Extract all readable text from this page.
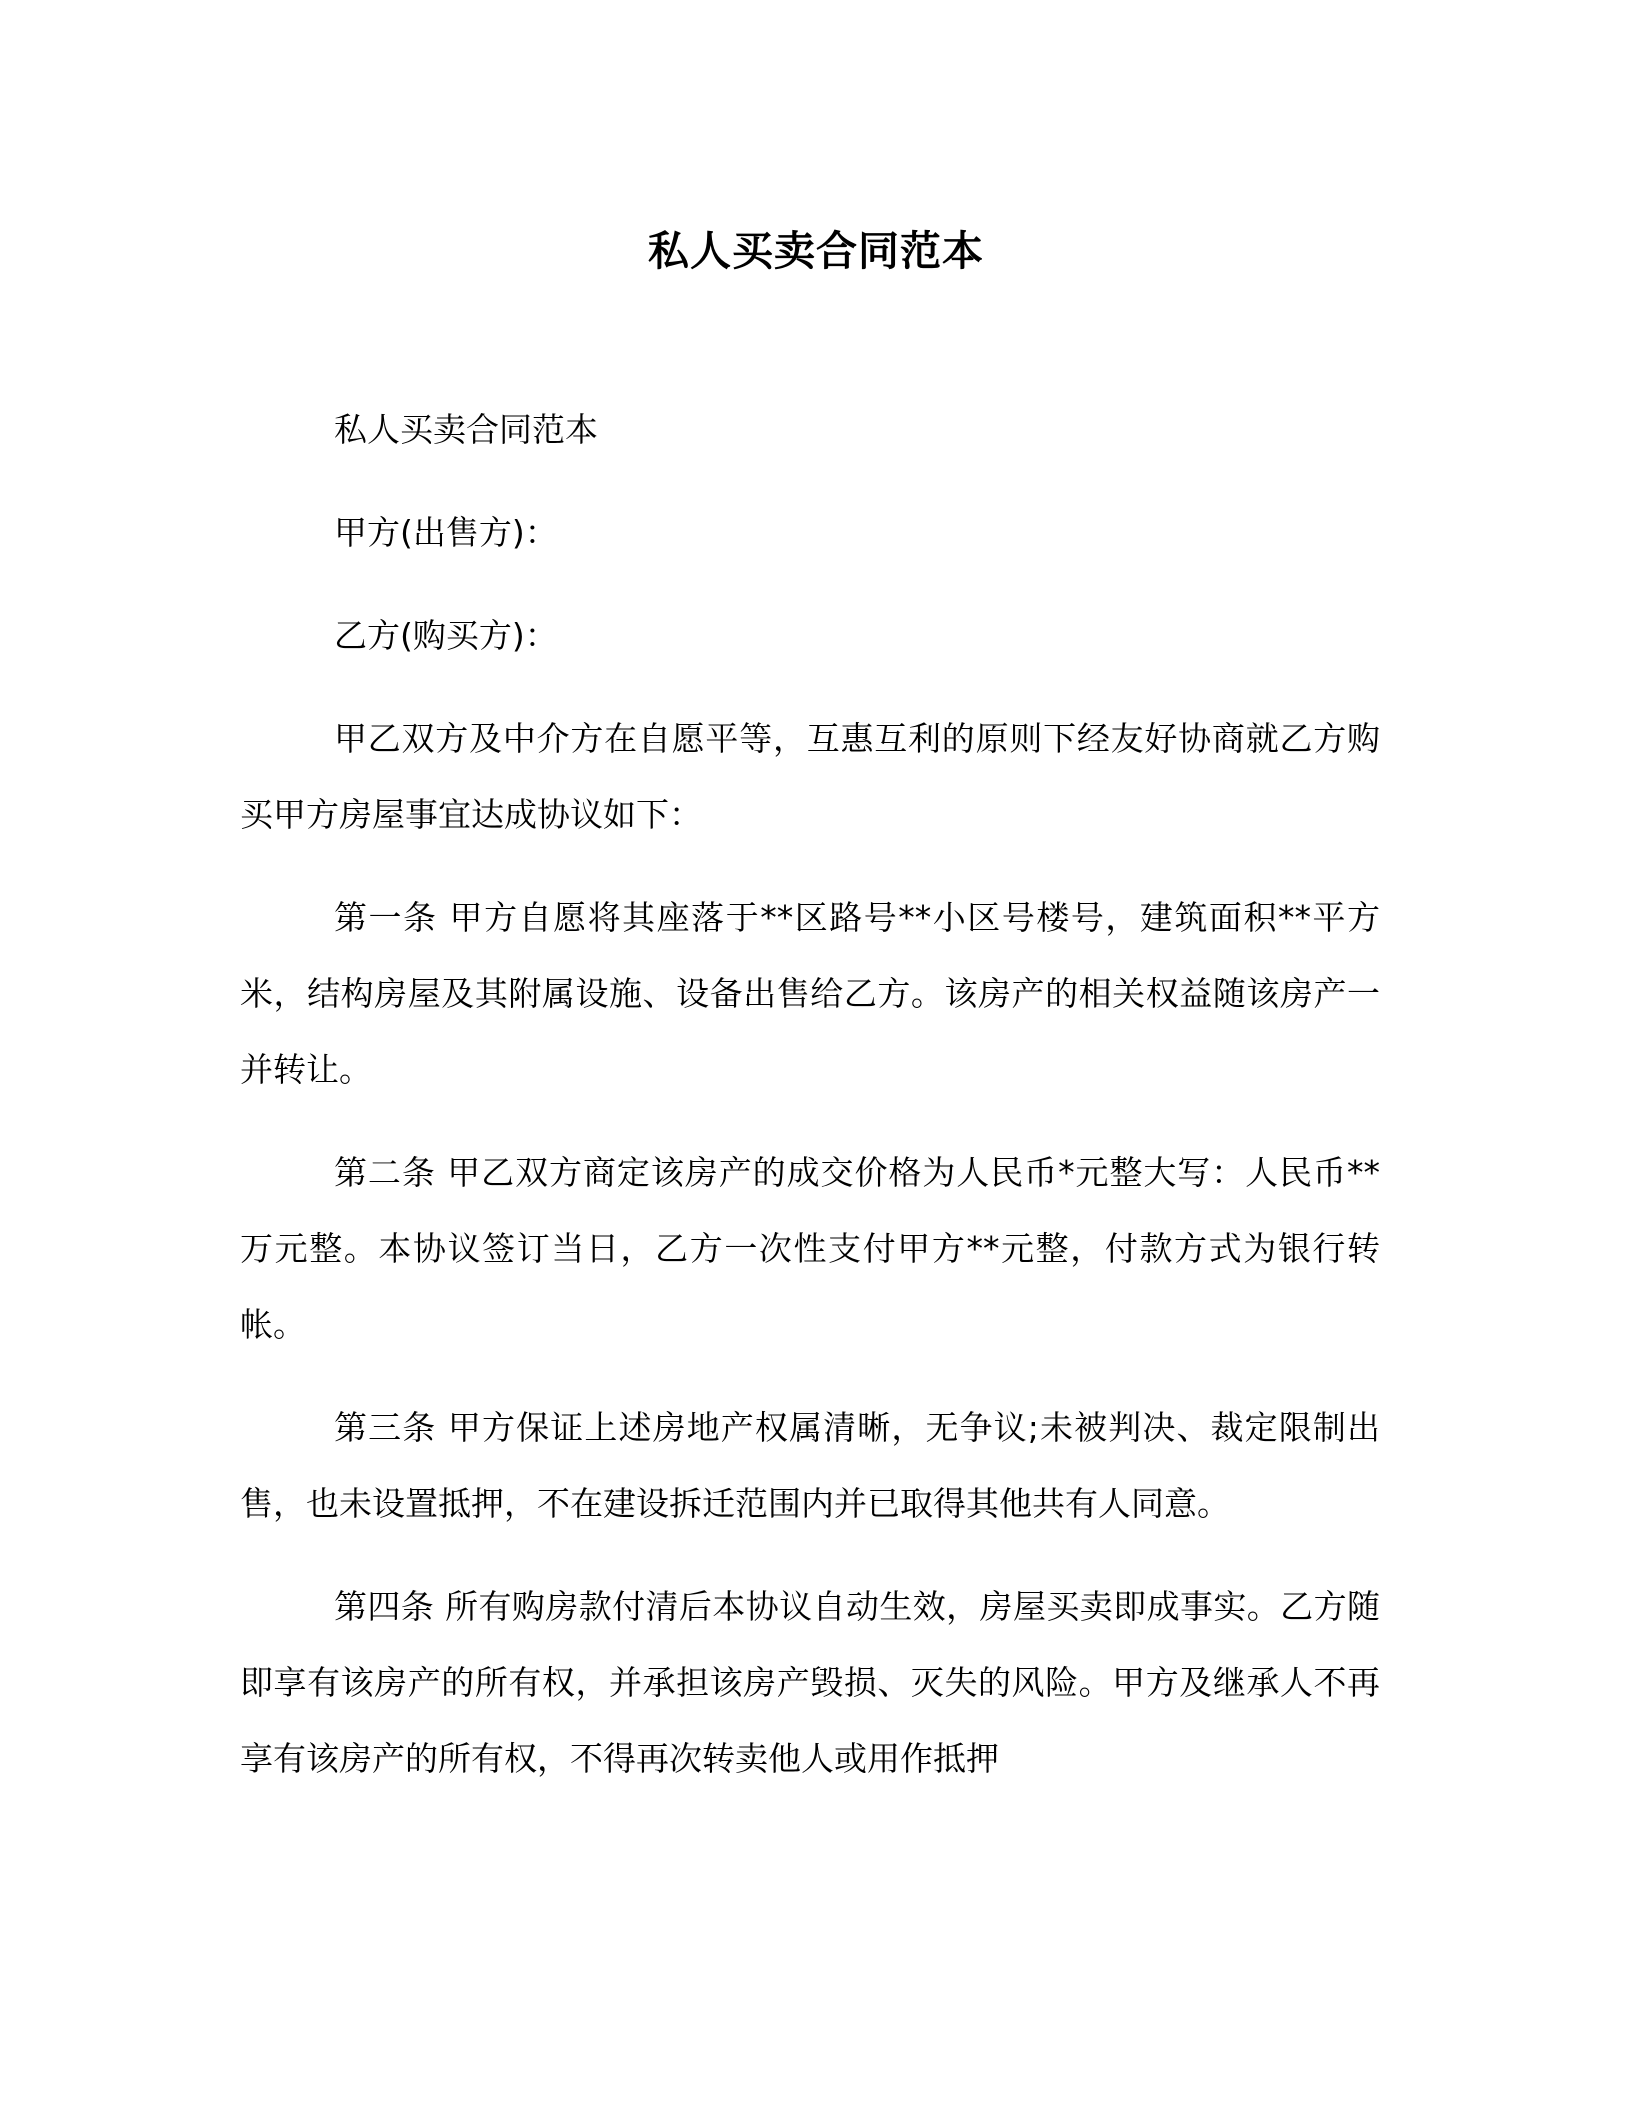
私人买卖合同范本

私人买卖合同范本

甲方(出售方)：

乙方(购买方)：

甲乙双方及中介方在自愿平等，互惠互利的原则下经友好协商就乙方购买甲方房屋事宜达成协议如下：

第一条 甲方自愿将其座落于**区路号**小区号楼号，建筑面积**平方米，结构房屋及其附属设施、设备出售给乙方。该房产的相关权益随该房产一并转让。

第二条 甲乙双方商定该房产的成交价格为人民币*元整大写：人民币**万元整。本协议签订当日，乙方一次性支付甲方**元整，付款方式为银行转帐。

第三条 甲方保证上述房地产权属清晰，无争议;未被判决、裁定限制出售，也未设置抵押，不在建设拆迁范围内并已取得其他共有人同意。

第四条 所有购房款付清后本协议自动生效，房屋买卖即成事实。乙方随即享有该房产的所有权，并承担该房产毁损、灭失的风险。甲方及继承人不再享有该房产的所有权，不得再次转卖他人或用作抵押
